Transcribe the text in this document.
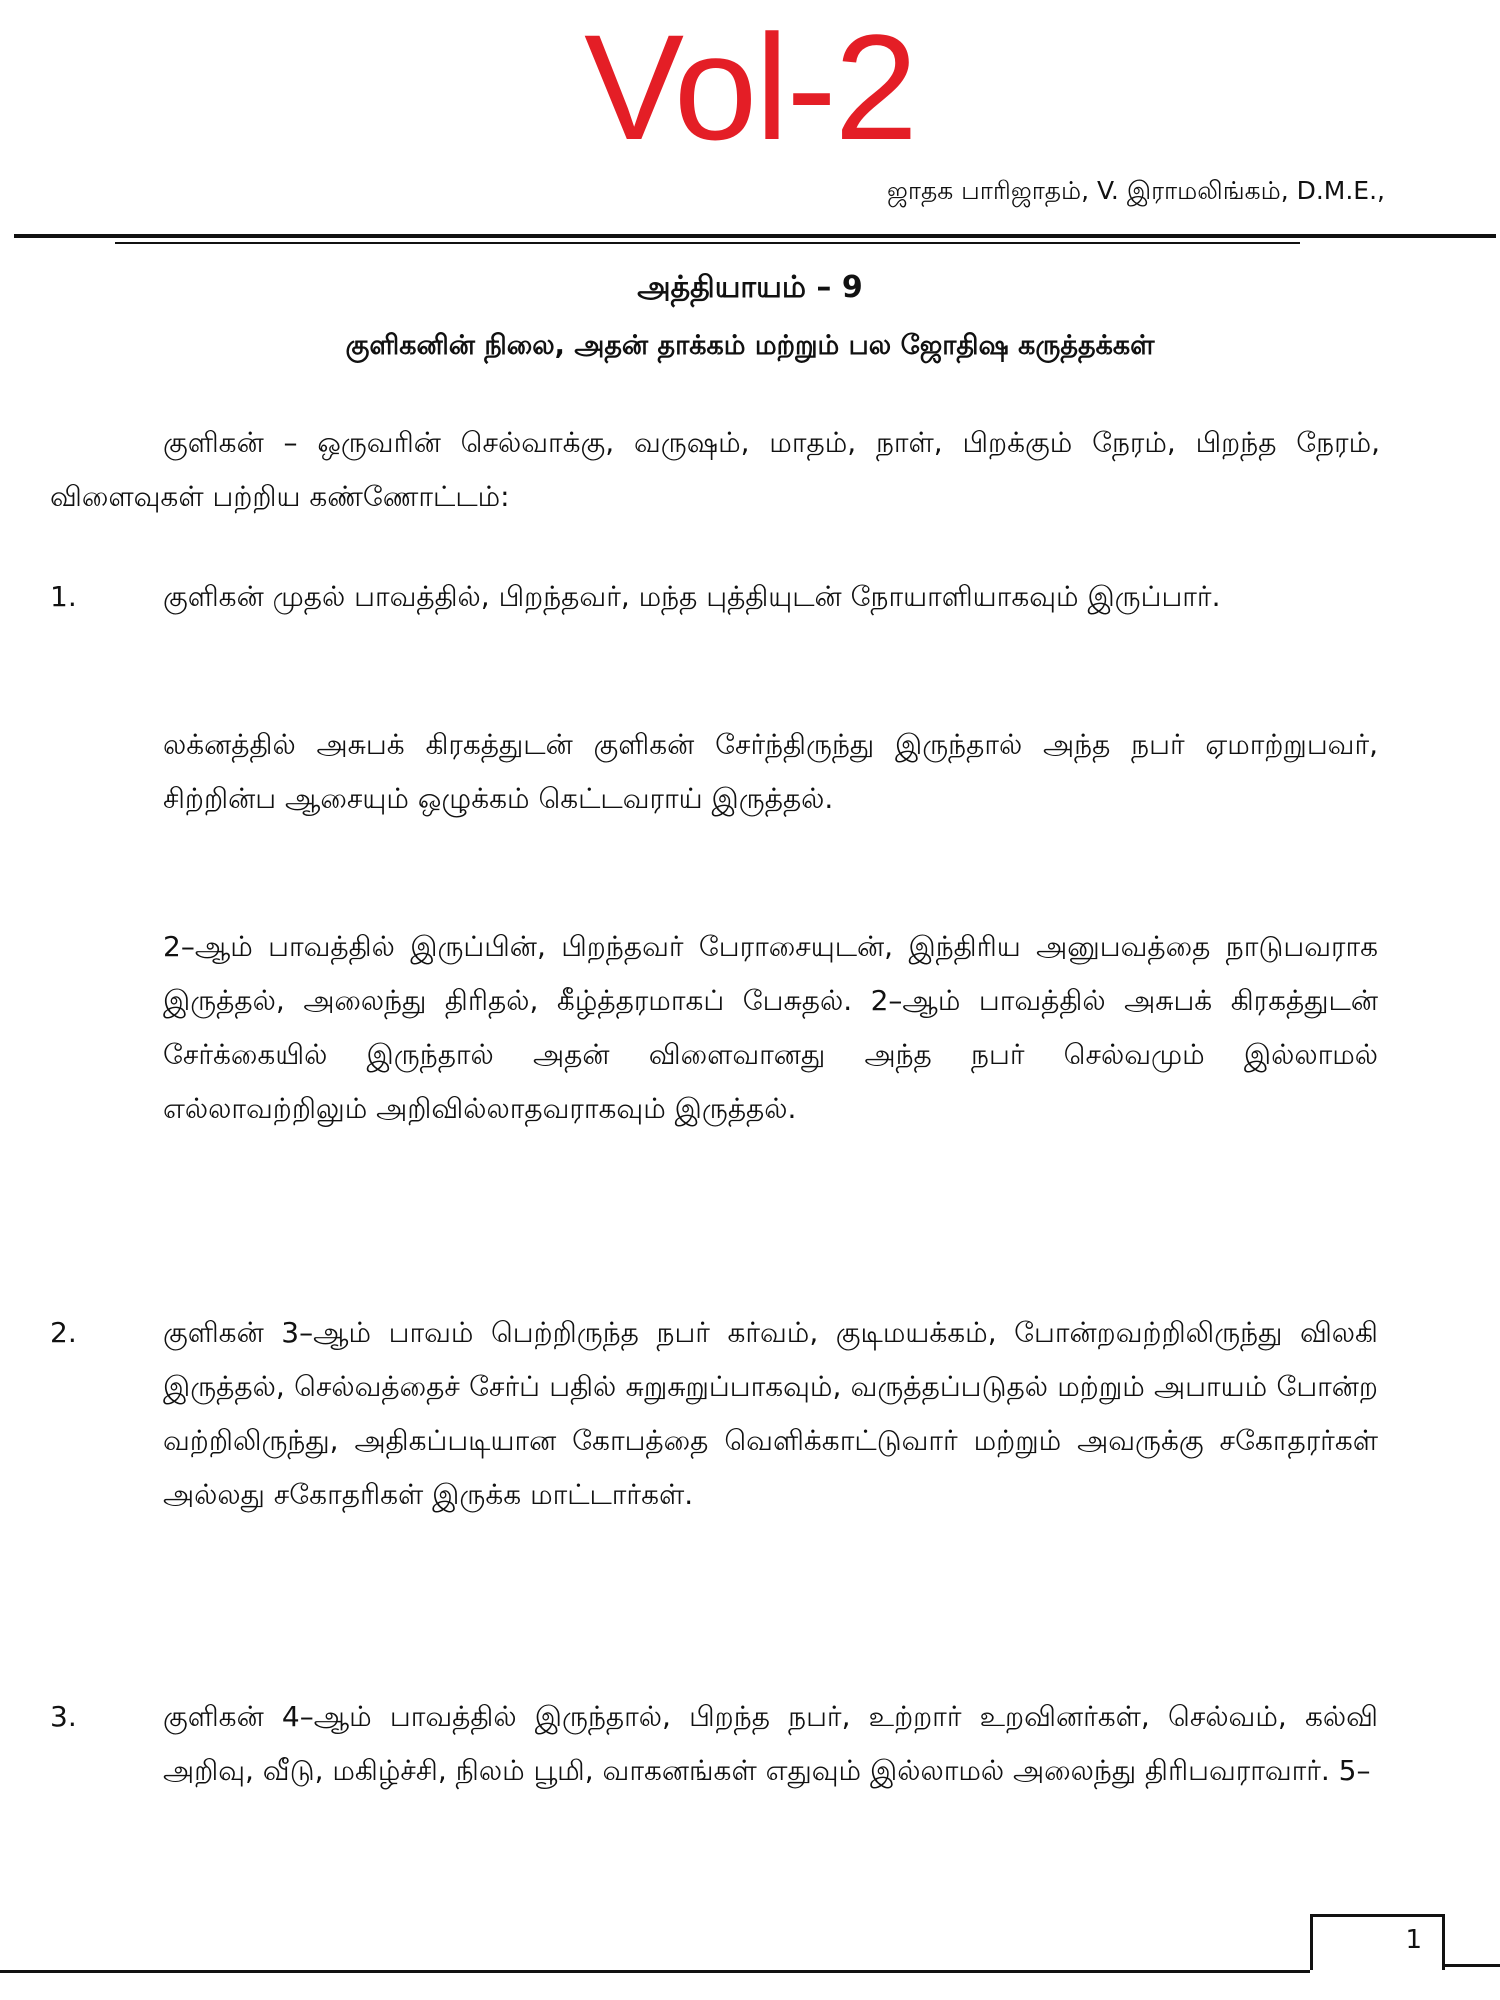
Vol-2
ஜாதக பாரிஜாதம், V. இராமலிங்கம், D.M.E.,
அத்தியாயம் – 9
குளிகனின் நிலை, அதன் தாக்கம் மற்றும் பல ஜோதிஷ கருத்தக்கள்
குளிகன் – ஒருவரின் செல்வாக்கு, வருஷம், மாதம், நாள், பிறக்கும் நேரம், பிறந்த நேரம், விளைவுகள் பற்றிய கண்ணோட்டம்:
1.	குளிகன் முதல் பாவத்தில், பிறந்தவர், மந்த புத்தியுடன் நோயாளியாகவும் இருப்பார்.
லக்னத்தில் அசுபக் கிரகத்துடன் குளிகன் சேர்ந்திருந்து இருந்தால் அந்த நபர் ஏமாற்றுபவர், சிற்றின்ப ஆசையும் ஒழுக்கம் கெட்டவராய் இருத்தல்.
2–ஆம் பாவத்தில் இருப்பின், பிறந்தவர் பேராசையுடன், இந்திரிய அனுபவத்தை நாடுபவராக இருத்தல், அலைந்து திரிதல், கீழ்த்தரமாகப் பேசுதல். 2–ஆம் பாவத்தில் அசுபக் கிரகத்துடன் சேர்க்கையில் இருந்தால் அதன் விளைவானது அந்த நபர் செல்வமும் இல்லாமல் எல்லாவற்றிலும் அறிவில்லாதவராகவும் இருத்தல்.
2.	குளிகன் 3–ஆம் பாவம் பெற்றிருந்த நபர் கர்வம், குடிமயக்கம், போன்றவற்றிலிருந்து விலகி இருத்தல், செல்வத்தைச் சேர்ப் பதில் சுறுசுறுப்பாகவும், வருத்தப்படுதல் மற்றும் அபாயம் போன்ற வற்றிலிருந்து, அதிகப்படியான கோபத்தை வெளிக்காட்டுவார் மற்றும் அவருக்கு சகோதரர்கள் அல்லது சகோதரிகள் இருக்க மாட்டார்கள்.
3.	குளிகன் 4–ஆம் பாவத்தில் இருந்தால், பிறந்த நபர், உற்றார் உறவினர்கள், செல்வம், கல்வி அறிவு, வீடு, மகிழ்ச்சி, நிலம் பூமி, வாகனங்கள் எதுவும் இல்லாமல் அலைந்து திரிபவராவார். 5–
1
